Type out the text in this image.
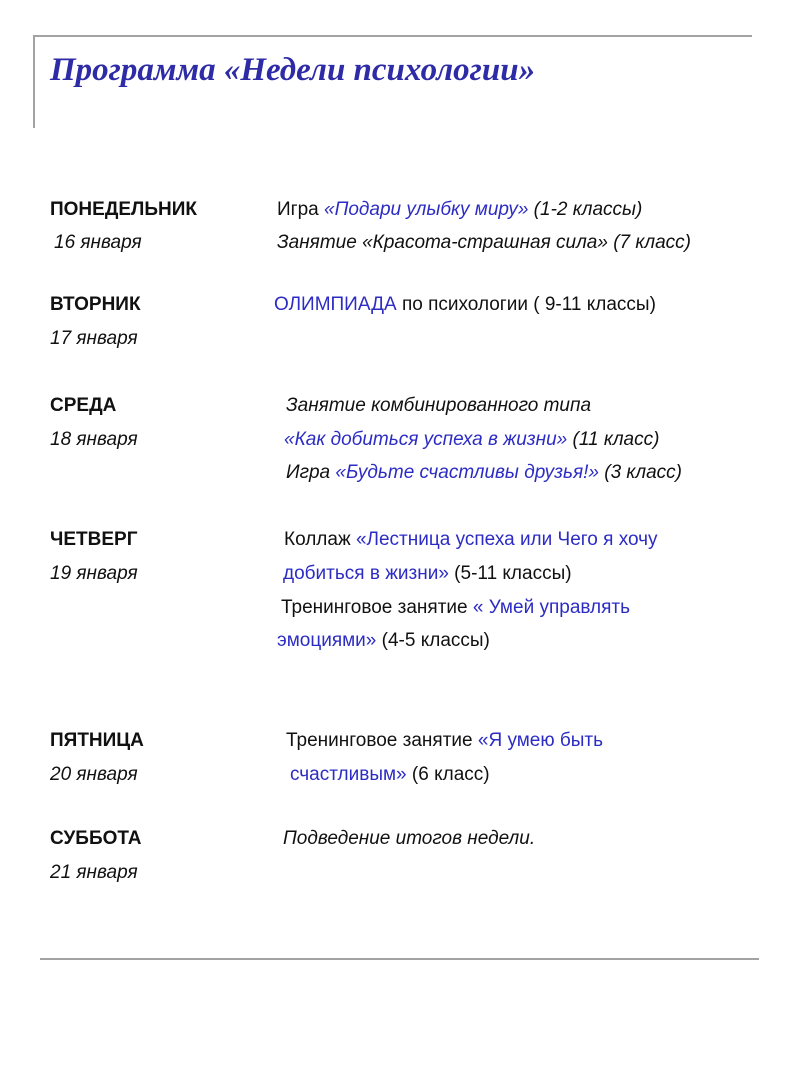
Программа «Недели психологии»
ПОНЕДЕЛЬНИК
16 января
Игра «Подари улыбку миру» (1-2 классы)
Занятие «Красота-страшная сила» (7 класс)
ВТОРНИК
17 января
ОЛИМПИАДА по психологии ( 9-11 классы)
СРЕДА
18 января
Занятие комбинированного типа
«Как добиться успеха в жизни» (11 класс)
Игра «Будьте счастливы друзья!» (3 класс)
ЧЕТВЕРГ
19 января
Коллаж «Лестница успеха или Чего я хочу
добиться в жизни» (5-11 классы)
Тренинговое занятие « Умей управлять
эмоциями» (4-5 классы)
ПЯТНИЦА
20 января
Тренинговое занятие «Я умею быть
счастливым» (6 класс)
СУББОТА
21 января
Подведение итогов недели.
